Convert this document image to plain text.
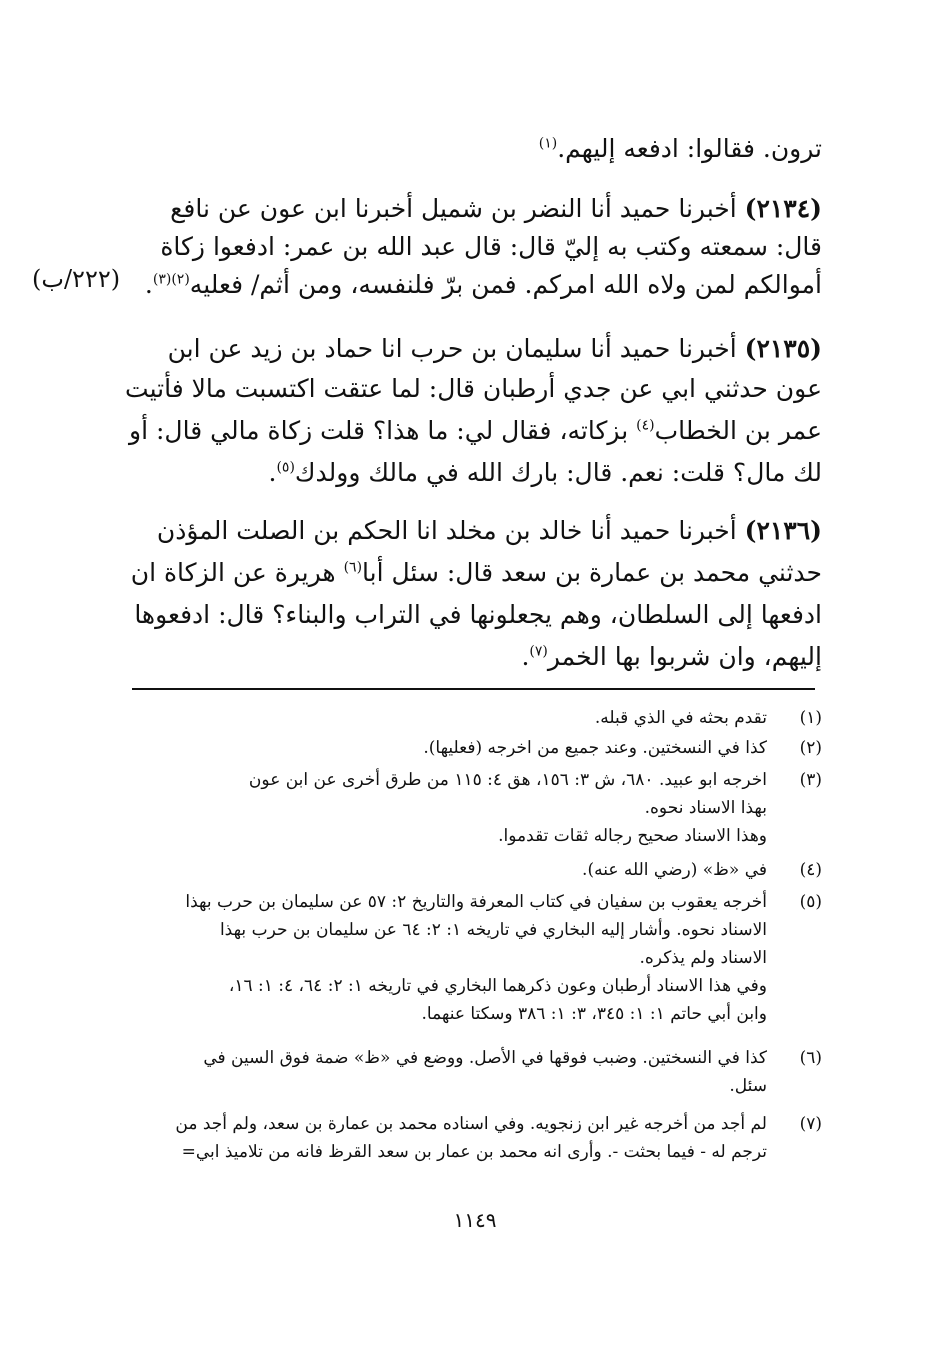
ترون. فقالوا: ادفعه إليهم.$^{(١)}$
(٢١٣٤) أخبرنا حميد أنا النضر بن شميل أخبرنا ابن عون عن نافع
قال: سمعته وكتب به إليّ قال: قال عبد الله بن عمر: ادفعوا زكاة
أموالكم لمن ولاه الله امركم. فمن برّ فلنفسه، ومن أثم/ فعليه$^{(٢)(٣)}$.
(٢١٣٥) أخبرنا حميد أنا سليمان بن حرب انا حماد بن زيد عن ابن
عون حدثني ابي عن جدي أرطبان قال: لما عتقت اكتسبت مالا فأتيت
عمر بن الخطاب$^{(٤)}$ بزكاته، فقال لي: ما هذا؟ قلت زكاة مالي قال: أو
لك مال؟ قلت: نعم. قال: بارك الله في مالك وولدك$^{(٥)}$.
(٢١٣٦) أخبرنا حميد أنا خالد بن مخلد انا الحكم بن الصلت المؤذن
حدثني محمد بن عمارة بن سعد قال: سئل أبا$^{(٦)}$ هريرة عن الزكاة ان
ادفعها إلى السلطان، وهم يجعلونها في التراب والبناء؟ قال: ادفعوها
إليهم، وان شربوا بها الخمر$^{(٧)}$.
(٢٢٢/ب)
(١)
تقدم بحثه في الذي قبله.
(٢)
كذا في النسختين. وعند جميع من اخرجه (فعليها).
(٣)
اخرجه ابو عبيد. ٦٨٠، ش ٣: ١٥٦، هق ٤: ١١٥ من طرق أخرى عن ابن عون
بهذا الاسناد نحوه.
وهذا الاسناد صحيح رجاله ثقات تقدموا.
(٤)
في «ظ» (رضي الله عنه).
(٥)
أخرجه يعقوب بن سفيان في كتاب المعرفة والتاريخ ٢: ٥٧ عن سليمان بن حرب بهذا
الاسناد نحوه. وأشار إليه البخاري في تاريخه ١: ٢: ٦٤ عن سليمان بن حرب بهذا
الاسناد ولم يذكره.
وفي هذا الاسناد أرطبان وعون ذكرهما البخاري في تاريخه ١: ٢: ٦٤، ٤: ١: ١٦،
وابن أبي حاتم ١: ١: ٣٤٥، ٣: ١: ٣٨٦ وسكتا عنهما.
(٦)
كذا في النسختين. وضبب فوقها في الأصل. ووضع في «ظ» ضمة فوق السين في
سئل.
(٧)
لم أجد من أخرجه غير ابن زنجويه. وفي اسناده محمد بن عمارة بن سعد، ولم أجد من
ترجم له - فيما بحثت -. وأرى انه محمد بن عمار بن سعد القرظ فانه من تلاميذ ابي=
١١٤٩
